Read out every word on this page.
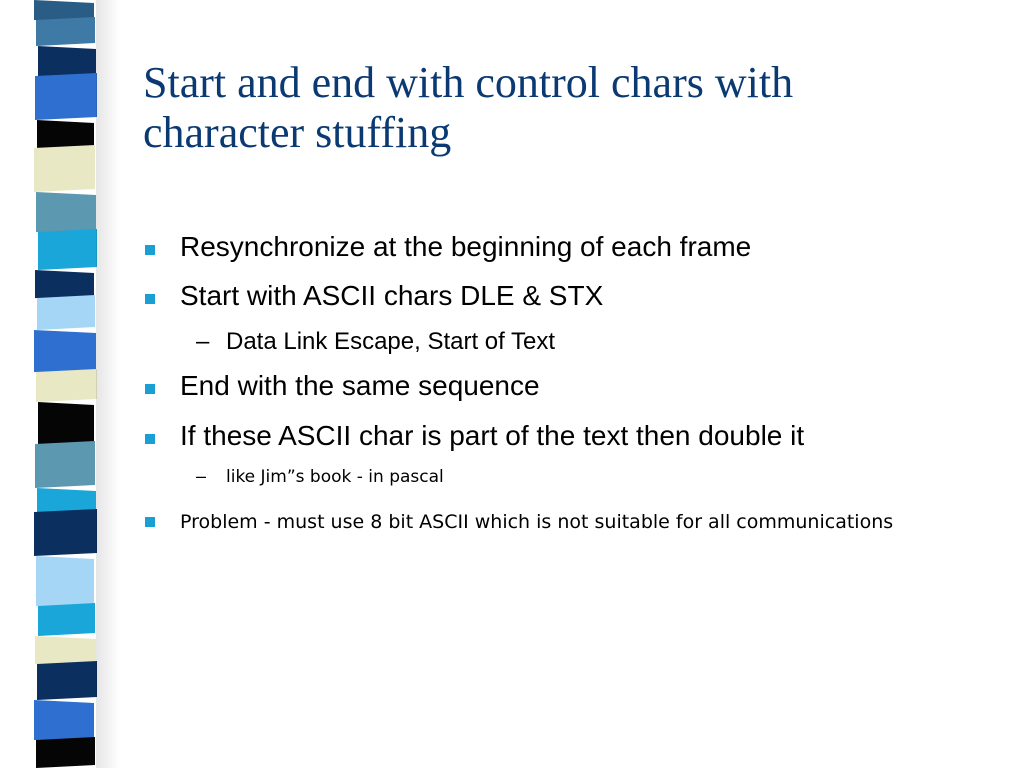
Start and end with control chars with
character stuffing
Resynchronize at the beginning of each frame
Start with ASCII chars DLE & STX
– Data Link Escape, Start of Text
End with the same sequence
If these ASCII char is part of the text then double it
– like Jim”s book - in pascal
Problem - must use 8 bit ASCII which is not suitable for all communications
